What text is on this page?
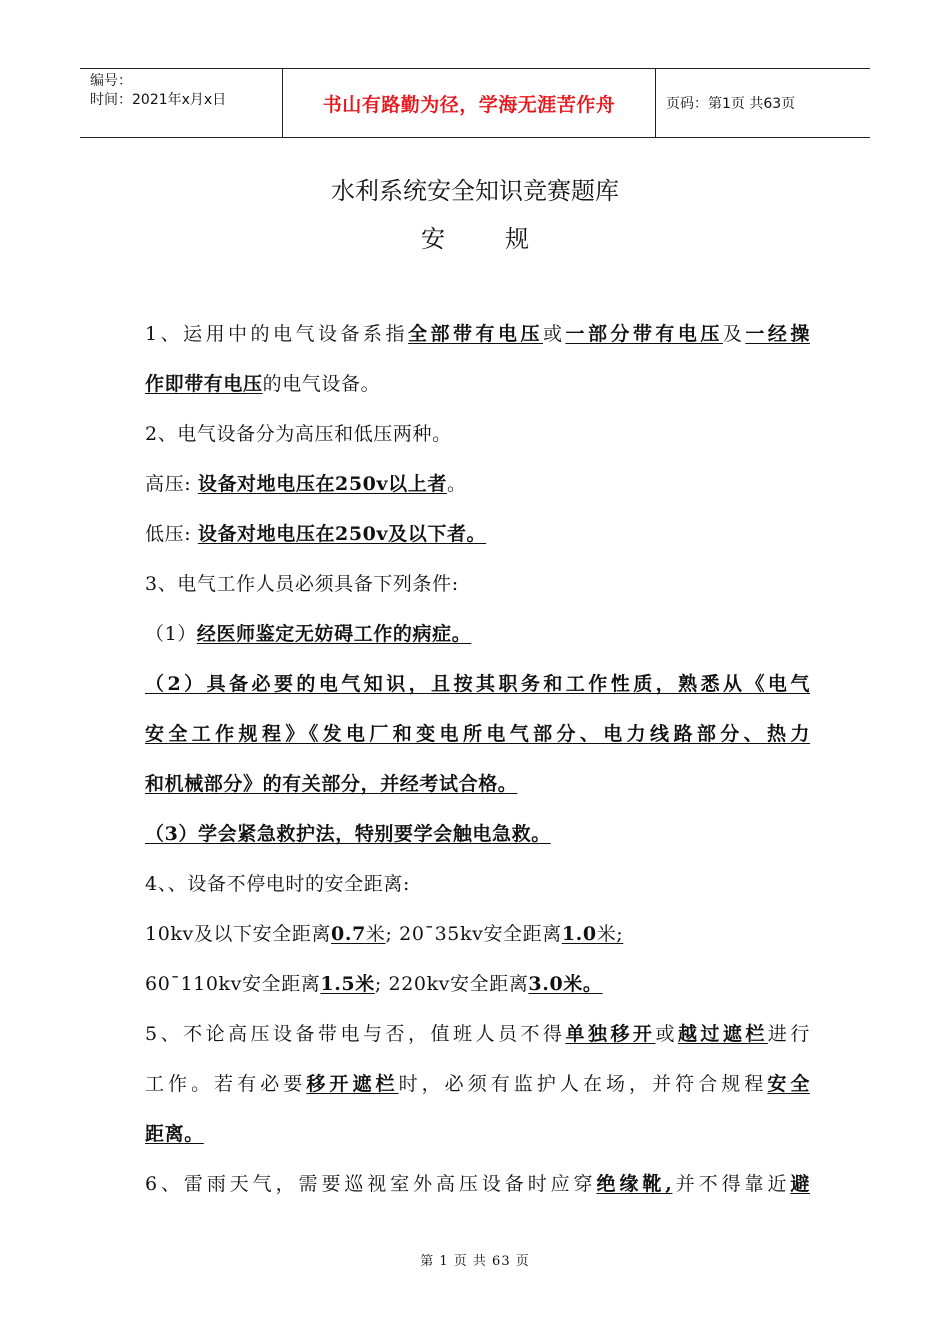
编号：
时间：2021年x月x日	书山有路勤为径，学海无涯苦作舟	页码：第1页 共63页
水利系统安全知识竞赛题库
安	规
1、运用中的电气设备系指全部带有电压或一部分带有电压及一经操
作即带有电压的电气设备。
2、电气设备分为高压和低压两种。
高压: 设备对地电压在250v以上者。
低压: 设备对地电压在250v及以下者。
3、电气工作人员必须具备下列条件:
（1）经医师鉴定无妨碍工作的病症。
（2）具备必要的电气知识，且按其职务和工作性质，熟悉从《电气
安全工作规程》《发电厂和变电所电气部分、电力线路部分、热力
和机械部分》的有关部分，并经考试合格。
（3）学会紧急救护法，特别要学会触电急救。
4、、设备不停电时的安全距离:
10kv及以下安全距离0.7米; 20¯35kv安全距离1.0米;
60¯110kv安全距离1.5米; 220kv安全距离3.0米。
5、不论高压设备带电与否，值班人员不得单独移开或越过遮栏进行
工作。若有必要移开遮栏时，必须有监护人在场，并符合规程安全
距离。
6、雷雨天气，需要巡视室外高压设备时应穿绝缘靴,并不得靠近避
第 1 页 共 63 页
